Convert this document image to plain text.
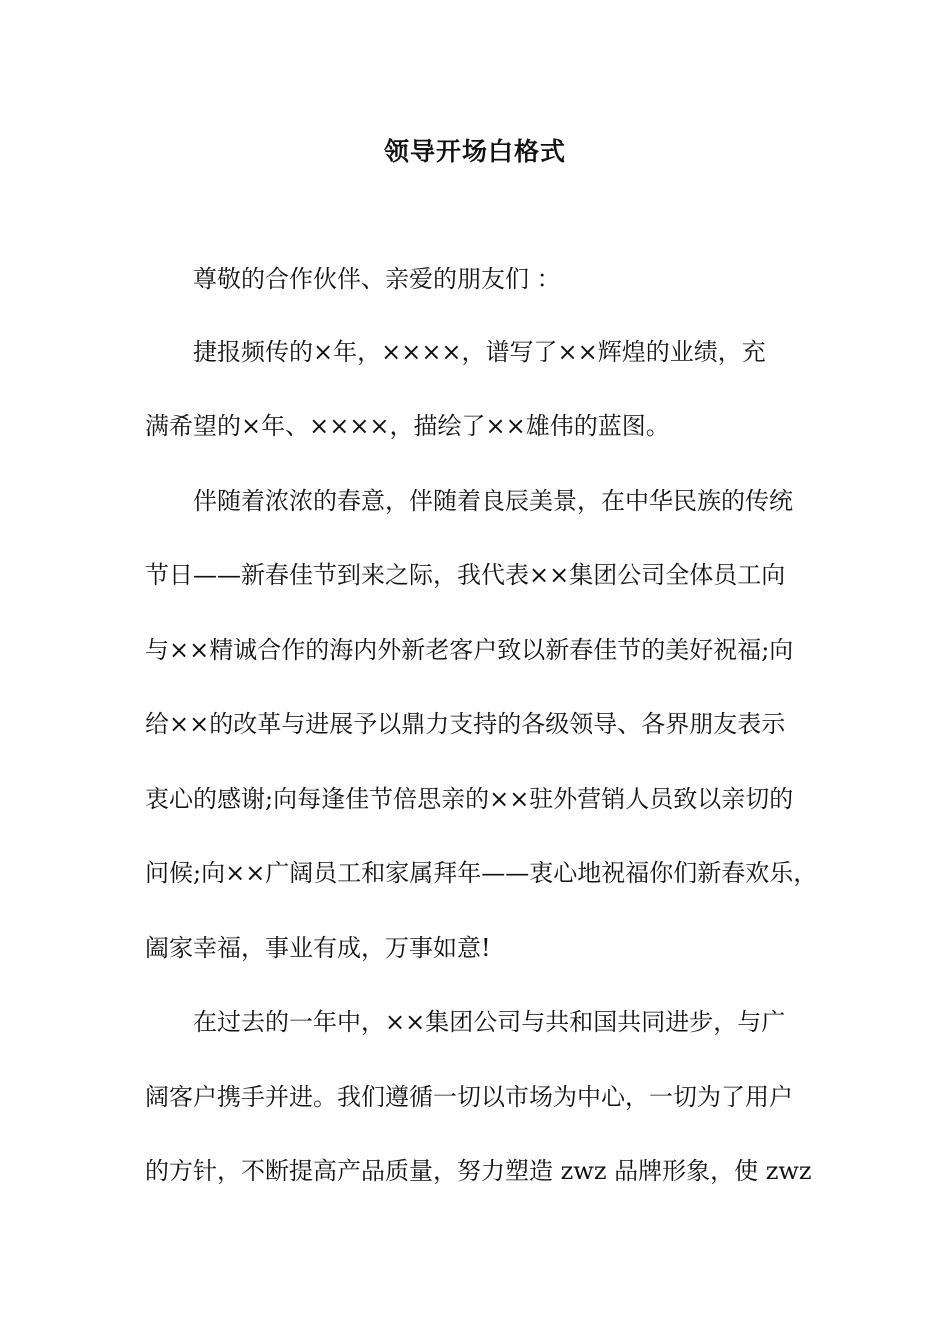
领导开场白格式
尊敬的合作伙伴、亲爱的朋友们 ：
捷报频传的×年，××××，谱写了××辉煌的业绩，充
满希望的×年、××××，描绘了××雄伟的蓝图。
伴随着浓浓的春意，伴随着良辰美景，在中华民族的传统
节日——新春佳节到来之际，我代表××集团公司全体员工向
与××精诚合作的海内外新老客户致以新春佳节的美好祝福;向
给××的改革与进展予以鼎力支持的各级领导、各界朋友表示
衷心的感谢;向每逢佳节倍思亲的××驻外营销人员致以亲切的
问候;向××广阔员工和家属拜年——衷心地祝福你们新春欢乐，
阖家幸福，事业有成，万事如意!
在过去的一年中，××集团公司与共和国共同进步，与广
阔客户携手并进。我们遵循一切以市场为中心，一切为了用户
的方针，不断提高产品质量，努力塑造 zwz 品牌形象，使 zwz
